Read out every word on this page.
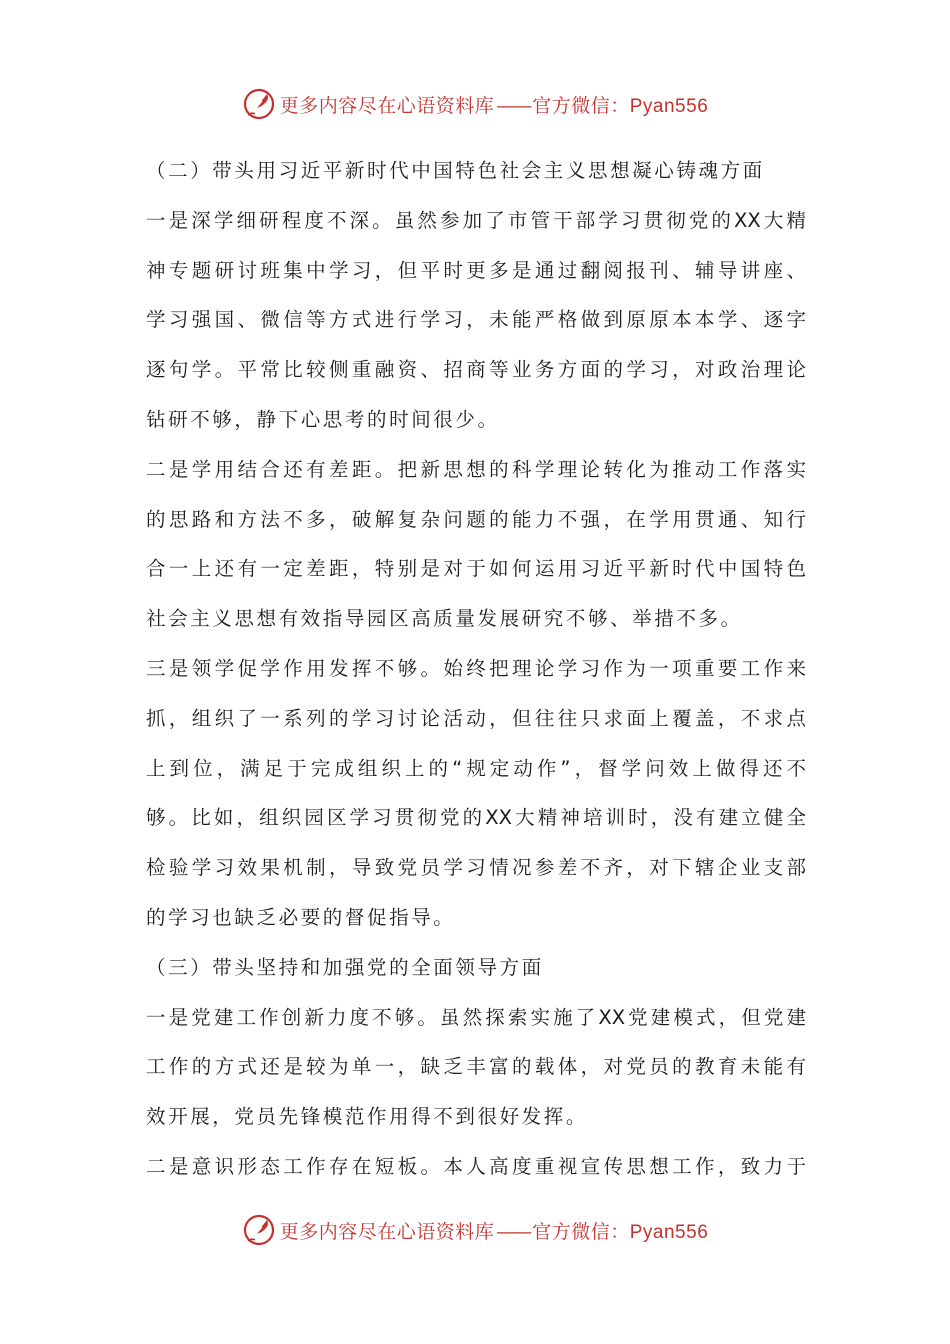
更多内容尽在心语资料库 —— 官方微信：Pyan556
（二）带头用习近平新时代中国特色社会主义思想凝心铸魂方面
一是深学细研程度不深。虽然参加了市管干部学习贯彻党的XX大精
神专题研讨班集中学习，但平时更多是通过翻阅报刊、辅导讲座、
学习强国、微信等方式进行学习，未能严格做到原原本本学、逐字
逐句学。平常比较侧重融资、招商等业务方面的学习，对政治理论
钻研不够，静下心思考的时间很少。
二是学用结合还有差距。把新思想的科学理论转化为推动工作落实
的思路和方法不多，破解复杂问题的能力不强，在学用贯通、知行
合一上还有一定差距，特别是对于如何运用习近平新时代中国特色
社会主义思想有效指导园区高质量发展研究不够、举措不多。
三是领学促学作用发挥不够。始终把理论学习作为一项重要工作来
抓，组织了一系列的学习讨论活动，但往往只求面上覆盖，不求点
上到位，满足于完成组织上的“规定动作”，督学问效上做得还不
够。比如，组织园区学习贯彻党的XX大精神培训时，没有建立健全
检验学习效果机制，导致党员学习情况参差不齐，对下辖企业支部
的学习也缺乏必要的督促指导。
（三）带头坚持和加强党的全面领导方面
一是党建工作创新力度不够。虽然探索实施了XX党建模式，但党建
工作的方式还是较为单一，缺乏丰富的载体，对党员的教育未能有
效开展，党员先锋模范作用得不到很好发挥。
二是意识形态工作存在短板。本人高度重视宣传思想工作，致力于
更多内容尽在心语资料库 —— 官方微信：Pyan556
